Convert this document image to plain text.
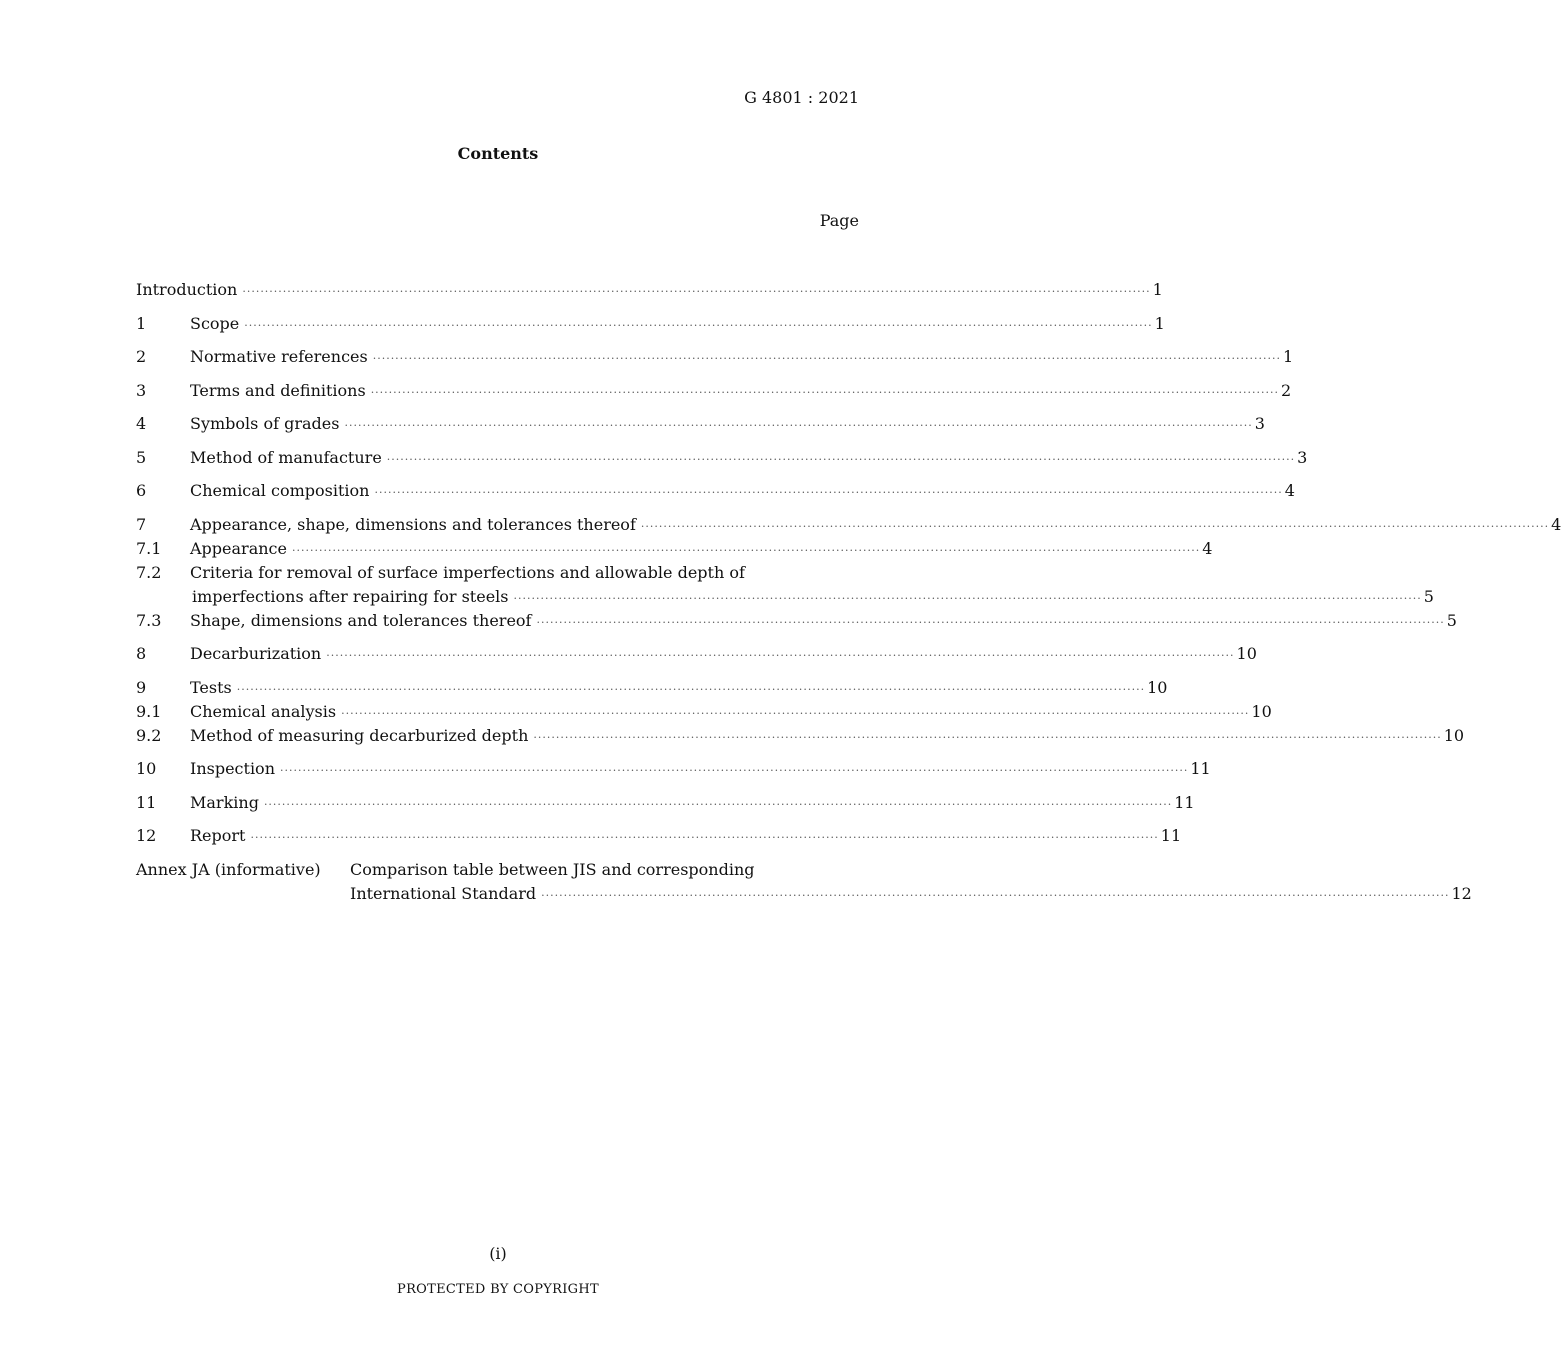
G 4801 : 2021
Contents
Page
Introduction ·····	1
1	Scope ·····	1
2	Normative references ·····	1
3	Terms and definitions ·····	2
4	Symbols of grades ·····	3
5	Method of manufacture ·····	3
6	Chemical composition ·····	4
7	Appearance, shape, dimensions and tolerances thereof ·····	4
7.1	Appearance ·····	4
7.2	Criteria for removal of surface imperfections and allowable depth of
imperfections after repairing for steels ·····	5
7.3	Shape, dimensions and tolerances thereof ·····	5
8	Decarburization ·····	10
9	Tests ·····	10
9.1	Chemical analysis ·····	10
9.2	Method of measuring decarburized depth ·····	10
10	Inspection ·····	11
11	Marking ·····	11
12	Report ·····	11
Annex JA (informative)	Comparison table between JIS and corresponding
International Standard ·····	12
(i)
PROTECTED BY COPYRIGHT
